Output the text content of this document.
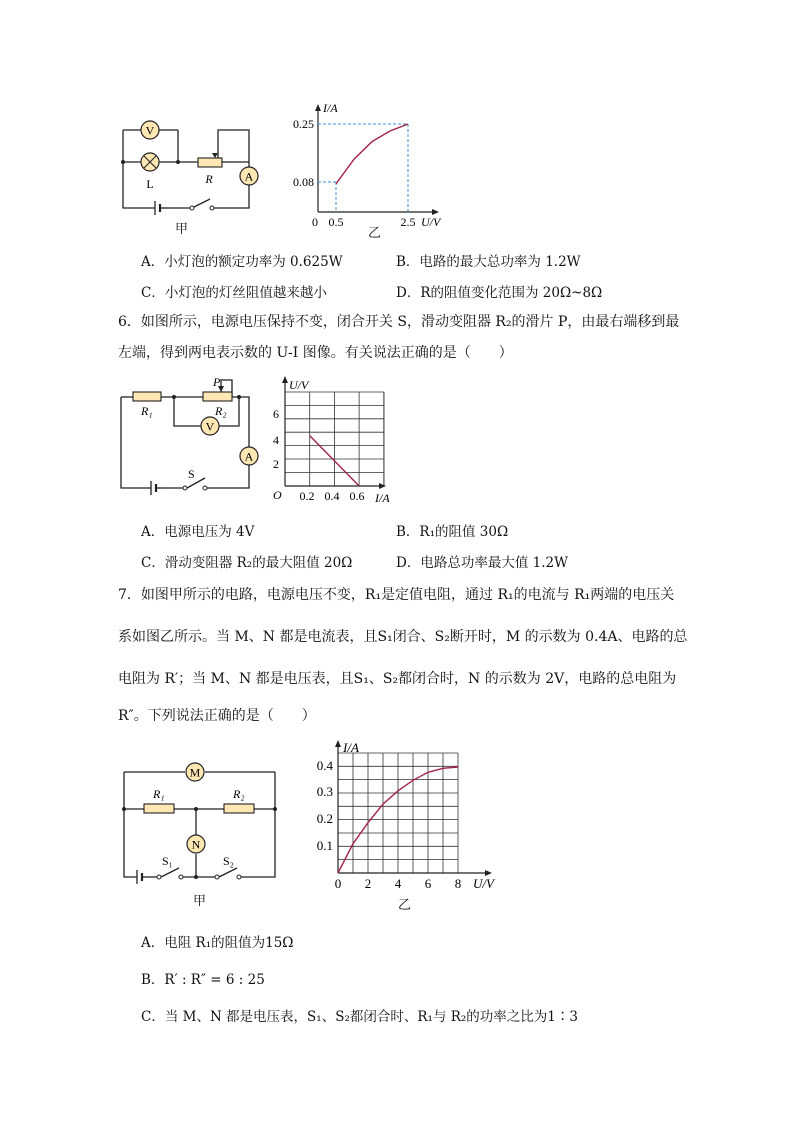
V
L	R	A
甲
I/A
U/V
0.25
0.08
0 0.5	2.5
乙
A．小灯泡的额定功率为 0.625W	B．电路的最大总功率为 1.2W
C．小灯泡的灯丝阻值越来越小	D．R的阻值变化范围为 20Ω~8Ω
6．如图所示，电源电压保持不变，闭合开关 S，滑动变阻器 R₂的滑片 P，由最右端移到最
左端，得到两电表示数的 U-I 图像。有关说法正确的是（　　）
R₁	R₂
P
V
A
S
U/V
I/A
O
6
4
2
0.2 0.4 0.6
A．电源电压为 4V	B．R₁的阻值 30Ω
C．滑动变阻器 R₂的最大阻值 20Ω	D．电路总功率最大值 1.2W
7．如图甲所示的电路，电源电压不变，R₁是定值电阻，通过 R₁的电流与 R₁两端的电压关
系如图乙所示。当 M、N 都是电流表，且S₁闭合、S₂断开时，M 的示数为 0.4A、电路的总
电阻为 R′；当 M、N 都是电压表，且S₁、S₂都闭合时，N 的示数为 2V，电路的总电阻为
R″。下列说法正确的是（　　）
M
N
R₁	R₂
S₁	S₂
甲
I/A
U/V
0.4
0.3
0.2
0.1
0 2 4 6 8
乙
A．电阻 R₁的阻值为15Ω
B．R′ : R″ = 6 : 25
C．当 M、N 都是电压表，S₁、S₂都闭合时、R₁与 R₂的功率之比为1∶3
